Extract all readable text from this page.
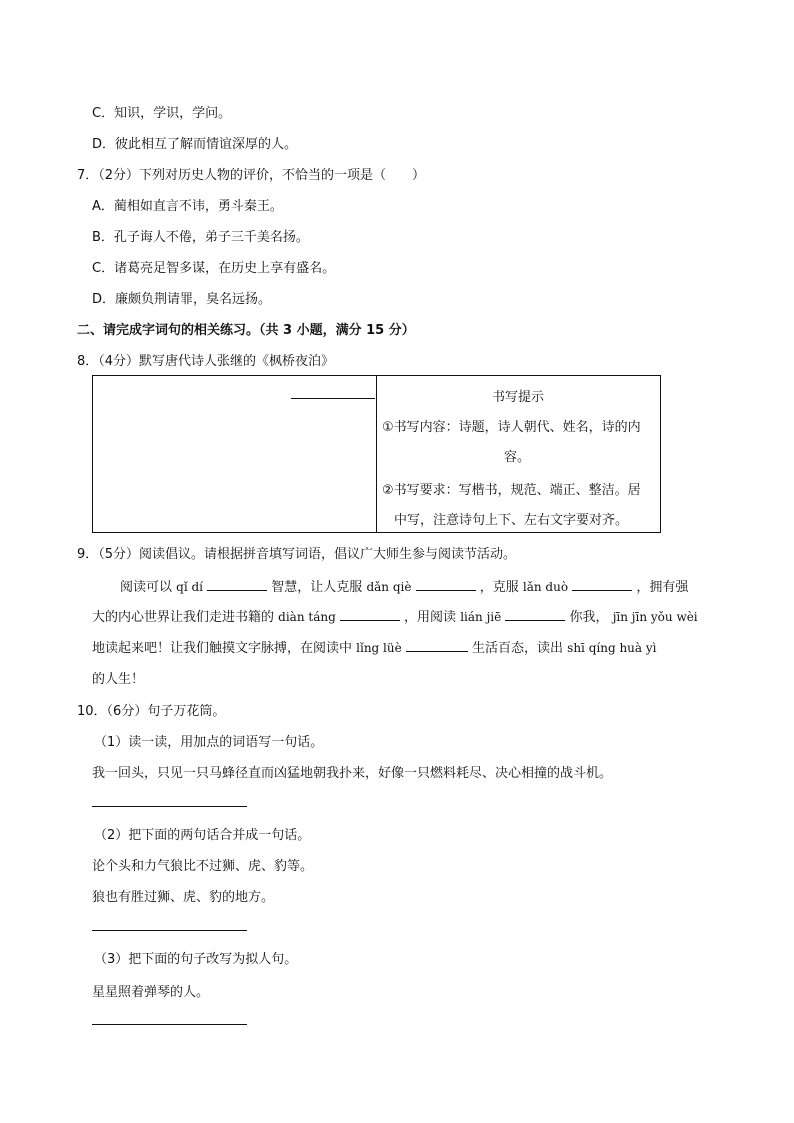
C．知识，学识，学问。
D．彼此相互了解而情谊深厚的人。
7．（2分）下列对历史人物的评价，不恰当的一项是（　　）
A．蔺相如直言不讳，勇斗秦王。
B．孔子诲人不倦，弟子三千美名扬。
C．诸葛亮足智多谋，在历史上享有盛名。
D．廉颇负荆请罪，臭名远扬。
二、请完成字词句的相关练习。（共 3 小题，满分 15 分）
8．（4分）默写唐代诗人张继的《枫桥夜泊》
书写提示
①书写内容：诗题，诗人朝代、姓名，诗的内
容。
②书写要求：写楷书，规范、端正、整洁。居
中写，注意诗句上下、左右文字要对齐。
9．（5分）阅读倡议。请根据拼音填写词语，倡议广大师生参与阅读节活动。
阅读可以 qǐ dí	智慧，让人克服 dǎn qiè	，克服 lǎn duò	，拥有强
大的内心世界让我们走进书籍的 diàn táng	，用阅读 lián jiē	你我， jīn jīn yǒu wèi
地读起来吧！让我们触摸文字脉搏，在阅读中 lǐng lüè	生活百态，读出 shī qíng huà yì
的人生！
10．（6分）句子万花筒。
（1）读一读，用加点的词语写一句话。
我一回头，只见一只马蜂径直而凶猛地朝我扑来，好像一只燃料耗尽、决心相撞的战斗机。
（2）把下面的两句话合并成一句话。
论个头和力气狼比不过狮、虎、豹等。
狼也有胜过狮、虎、豹的地方。
（3）把下面的句子改写为拟人句。
星星照着弹琴的人。
